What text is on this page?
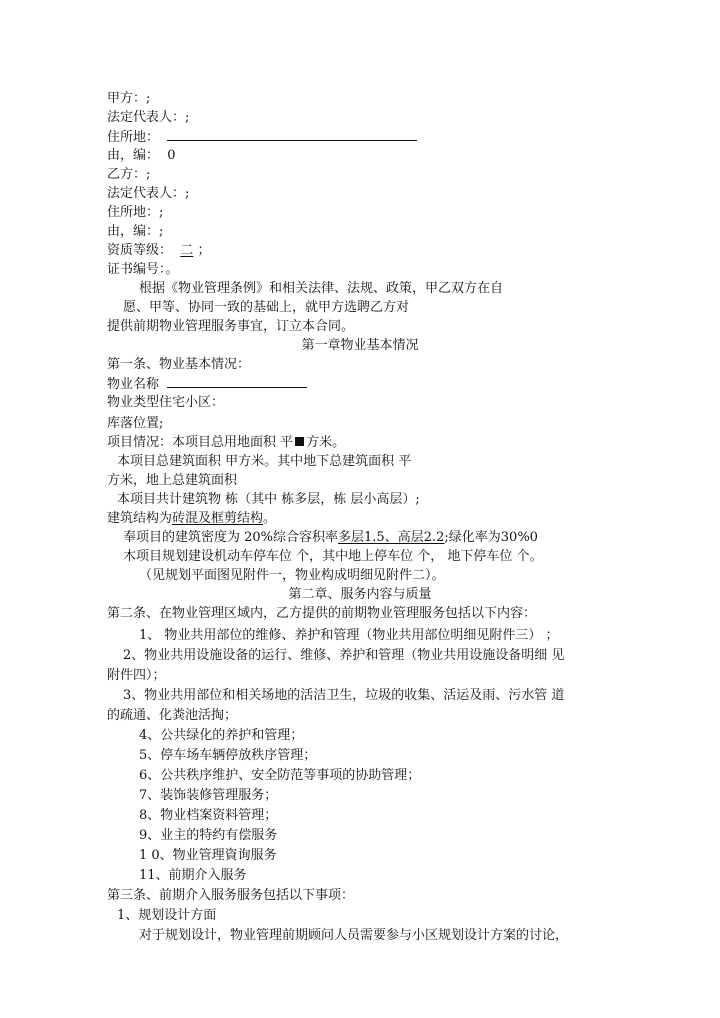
甲方：;
法定代表人：;
住所地：
由，编： 0
乙方：;
法定代表人：;
住所地：;
由，编：;
资质等级： 二 ；
证书编号：。
根据《物业管理条例》和相关法律、法规、政策，甲乙双方在自
愿、甲等、协同一致的基础上，就甲方选聘乙方对
提供前期物业管理服务事宜，订立本合同。
第一章物业基本情况
第一条、物业基本情况：
物业名称
物业类型住宅小区：
库落位置;
项目情况：本项目总用地面积 平 方米。
本项目总建筑面积 甲方米。其中地下总建筑面积 平
方米，地上总建筑面积
本项目共计建筑物 栋（其中 栋多层，栋 层小高层）;
建筑结构为砖混及框剪结构。
奉项目的建筑密度为 20%综合容积率多层1.5、高层2.2;绿化率为30%0
木项目规划建设机动车停车位 个，其中地上停车位 个， 地下停车位 个。
（见规划平面图见附件一，物业构成明细见附件二）。
第二章、服务内容与质量
第二条、在物业管理区域内，乙方提供的前期物业管理服务包括以下内容：
1、 物业共用部位的维修、养护和管理（物业共用部位明细见附件三） ；
2、物业共用设施设备的运行、维修、养护和管理（物业共用设施设备明细 见
附件四）；
3、物业共用部位和相关场地的活洁卫生，垃圾的收集、活运及雨、污水管 道
的疏通、化粪池活掏；
4、公共绿化的养护和管理；
5、停车场车辆停放秩序管理；
6、公共秩序维护、安全防范等事项的协助管理；
7、装饰装修管理服务；
8、物业档案资料管理；
9、业主的特约有偿服务
1 0、物业管理資询服务
11、前期介入服务
第三条、前期介入服务服务包括以下事项：
1、规划设计方面
对于规划设计，物业管理前期顾问人员需要参与小区规划设计方案的讨论，
